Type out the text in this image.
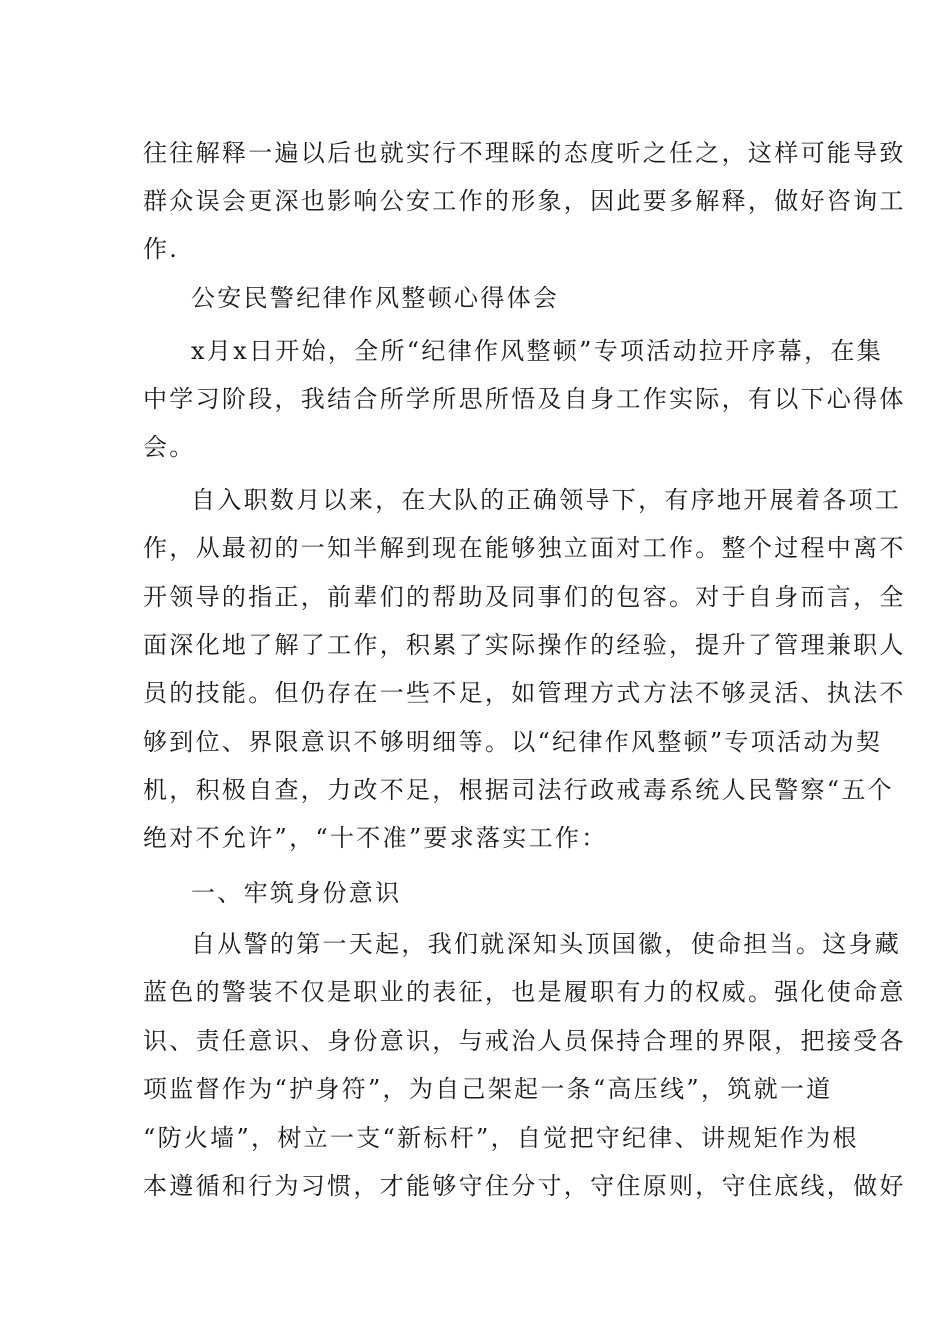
往往解释一遍以后也就实行不理睬的态度听之任之，这样可能导致
群众误会更深也影响公安工作的形象，因此要多解释，做好咨询工
作.
公安民警纪律作风整顿心得体会
x月x日开始，全所“纪律作风整顿”专项活动拉开序幕，在集
中学习阶段，我结合所学所思所悟及自身工作实际，有以下心得体
会。
自入职数月以来，在大队的正确领导下，有序地开展着各项工
作，从最初的一知半解到现在能够独立面对工作。整个过程中离不
开领导的指正，前辈们的帮助及同事们的包容。对于自身而言，全
面深化地了解了工作，积累了实际操作的经验，提升了管理兼职人
员的技能。但仍存在一些不足，如管理方式方法不够灵活、执法不
够到位、界限意识不够明细等。以“纪律作风整顿”专项活动为契
机，积极自查，力改不足，根据司法行政戒毒系统人民警察“五个
绝对不允许”，“十不准”要求落实工作：
一、牢筑身份意识
自从警的第一天起，我们就深知头顶国徽，使命担当。这身藏
蓝色的警装不仅是职业的表征，也是履职有力的权威。强化使命意
识、责任意识、身份意识，与戒治人员保持合理的界限，把接受各
项监督作为“护身符”，为自己架起一条“高压线”，筑就一道
“防火墙”，树立一支“新标杆”，自觉把守纪律、讲规矩作为根
本遵循和行为习惯，才能够守住分寸，守住原则，守住底线，做好
